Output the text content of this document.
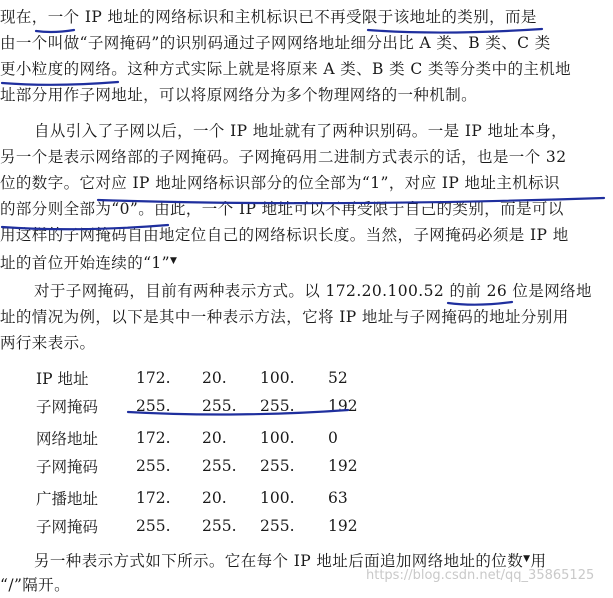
现在，一个 IP 地址的网络标识和主机标识已不再受限于该地址的类别，而是
由一个叫做“子网掩码”的识别码通过子网网络地址细分出比 A 类、B 类、C 类
更小粒度的网络。这种方式实际上就是将原来 A 类、B 类 C 类等分类中的主机地
址部分用作子网地址，可以将原网络分为多个物理网络的一种机制。
自从引入了子网以后，一个 IP 地址就有了两种识别码。一是 IP 地址本身，
另一个是表示网络部的子网掩码。子网掩码用二进制方式表示的话，也是一个 32
位的数字。它对应 IP 地址网络标识部分的位全部为“1”，对应 IP 地址主机标识
的部分则全部为“0”。由此，一个 IP 地址可以不再受限于自己的类别，而是可以
用这样的子网掩码自由地定位自己的网络标识长度。当然，子网掩码必须是 IP 地
址的首位开始连续的“1”▼
对于子网掩码，目前有两种表示方式。以 172.20.100.52 的前 26 位是网络地
址的情况为例，以下是其中一种表示方法，它将 IP 地址与子网掩码的地址分别用
两行来表示。
IP 地址	172.	20.	100.	52
子网掩码	255.	255.	255.	192
网络地址	172.	20.	100.	0
子网掩码	255.	255.	255.	192
广播地址	172.	20.	100.	63
子网掩码	255.	255.	255.	192
另一种表示方式如下所示。它在每个 IP 地址后面追加网络地址的位数▼用
“/”隔开。
https://blog.csdn.net/qq_35865125
